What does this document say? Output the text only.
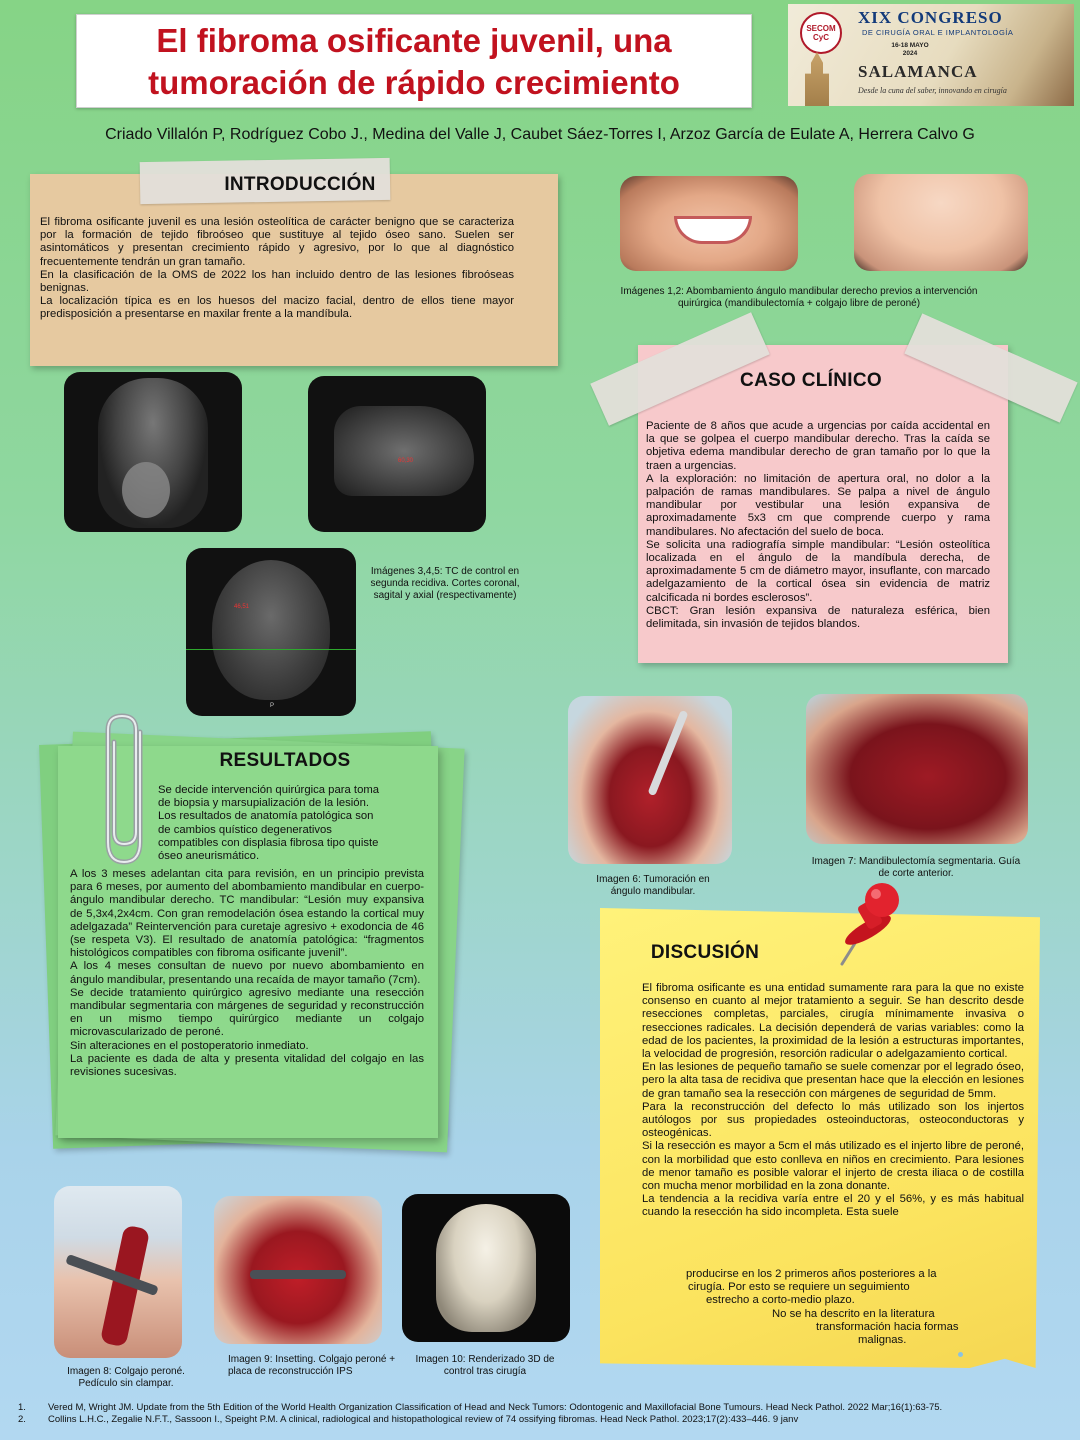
El fibroma osificante juvenil, una
tumoración de rápido crecimiento
SECOM CyC
XIX CONGRESO
DE CIRUGÍA ORAL E IMPLANTOLOGÍA
16-18 MAYO
2024
SALAMANCA
Desde la cuna del saber, innovando en cirugía
Criado Villalón P, Rodríguez Cobo J., Medina del Valle J, Caubet Sáez-Torres I, Arzoz García de Eulate A, Herrera Calvo G
INTRODUCCIÓN

El fibroma osificante juvenil es una lesión osteolítica de carácter benigno que se caracteriza por la formación de tejido fibroóseo que sustituye al tejido óseo sano. Suelen ser asintomáticos y presentan crecimiento rápido y agresivo, por lo que al diagnóstico frecuentemente tendrán un gran tamaño.

En la clasificación de la OMS de 2022 los han incluido dentro de las lesiones fibroóseas benignas.

La localización típica es en los huesos del macizo facial, dentro de ellos tiene mayor predisposición a presentarse en maxilar frente a la mandíbula.

Imágenes 1,2: Abombamiento ángulo mandibular derecho previos a intervención quirúrgica (mandibulectomía + colgajo libre de peroné)
60,30
46,51
P
Imágenes 3,4,5: TC de control en segunda recidiva. Cortes coronal, sagital y axial (respectivamente)
CASO CLÍNICO

Paciente de 8 años que acude a urgencias por caída accidental en la que se golpea el cuerpo mandibular derecho. Tras la caída se objetiva edema mandibular derecho de gran tamaño por lo que la traen a urgencias.

A la exploración: no limitación de apertura oral, no dolor a la palpación de ramas mandibulares. Se palpa a nivel de ángulo mandibular por vestibular una lesión expansiva de aproximadamente 5x3 cm que comprende cuerpo y rama mandibulares. No afectación del suelo de boca.

Se solicita una radiografía simple mandibular: “Lesión osteolítica localizada en el ángulo de la mandíbula derecha, de aproximadamente 5 cm de diámetro mayor, insuflante, con marcado adelgazamiento de la cortical ósea sin evidencia de matriz calcificada ni bordes esclerosos”.

CBCT: Gran lesión expansiva de naturaleza esférica, bien delimitada, sin invasión de tejidos blandos.

Imagen 6: Tumoración en ángulo mandibular.
Imagen 7: Mandibulectomía segmentaria. Guía de corte anterior.
RESULTADOS

Se decide intervención quirúrgica para toma

de biopsia y marsupialización de la lesión.

Los resultados de anatomía patológica son

de cambios quístico degenerativos

compatibles con displasia fibrosa tipo quiste

óseo aneurismático.

A los 3 meses adelantan cita para revisión, en un principio prevista para 6 meses, por aumento del abombamiento mandibular en cuerpo-ángulo mandibular derecho. TC mandibular: “Lesión muy expansiva de 5,3x4,2x4cm. Con gran remodelación ósea estando la cortical muy adelgazada” Reintervención para curetaje agresivo + exodoncia de 46 (se respeta V3). El resultado de anatomía patológica: “fragmentos histológicos compatibles con fibroma osificante juvenil”.

A los 4 meses consultan de nuevo por nuevo abombamiento en ángulo mandibular, presentando una recaída de mayor tamaño (7cm).

Se decide tratamiento quirúrgico agresivo mediante una resección mandibular segmentaria con márgenes de seguridad y reconstrucción en un mismo tiempo quirúrgico mediante un colgajo microvascularizado de peroné.

Sin alteraciones en el postoperatorio inmediato.

La paciente es dada de alta y presenta vitalidad del colgajo en las revisiones sucesivas.

DISCUSIÓN

El fibroma osificante es una entidad sumamente rara para la que no existe consenso en cuanto al mejor tratamiento a seguir. Se han descrito desde resecciones completas, parciales, cirugía mínimamente invasiva o resecciones radicales. La decisión dependerá de varias variables: como la edad de los pacientes, la proximidad de la lesión a estructuras importantes, la velocidad de progresión, resorción radicular o adelgazamiento cortical.

En las lesiones de pequeño tamaño se suele comenzar por el legrado óseo, pero la alta tasa de recidiva que presentan hace que la elección en lesiones de gran tamaño sea la resección con márgenes de seguridad de 5mm.

Para la reconstrucción del defecto lo más utilizado son los injertos autólogos por sus propiedades osteoinductoras, osteoconductoras y osteogénicas.

Si la resección es mayor a 5cm el más utilizado es el injerto libre de peroné, con la morbilidad que esto conlleva en niños en crecimiento. Para lesiones de menor tamaño es posible valorar el injerto de cresta iliaca o de costilla con mucha menor morbilidad en la zona donante.

La tendencia a la recidiva varía entre el 20 y el 56%, y es más habitual cuando la resección ha sido incompleta. Esta suele

producirse en los 2 primeros años posteriores a la

cirugía. Por esto se requiere un seguimiento

estrecho a corto-medio plazo.

No se ha descrito en la literatura

transformación hacia formas

malignas.

Imagen 8: Colgajo peroné. Pedículo sin clampar.
Imagen 9: Insetting. Colgajo peroné + placa de reconstrucción IPS
Imagen 10: Renderizado 3D de control tras cirugía
1.	Vered M, Wright JM. Update from the 5th Edition of the World Health Organization Classification of Head and Neck Tumors: Odontogenic and Maxillofacial Bone Tumours. Head Neck Pathol. 2022 Mar;16(1):63-75.
2.	Collins L.H.C., Zegalie N.F.T., Sassoon I., Speight P.M. A clinical, radiological and histopathological review of 74 ossifying fibromas. Head Neck Pathol. 2023;17(2):433–446. 9 janv
